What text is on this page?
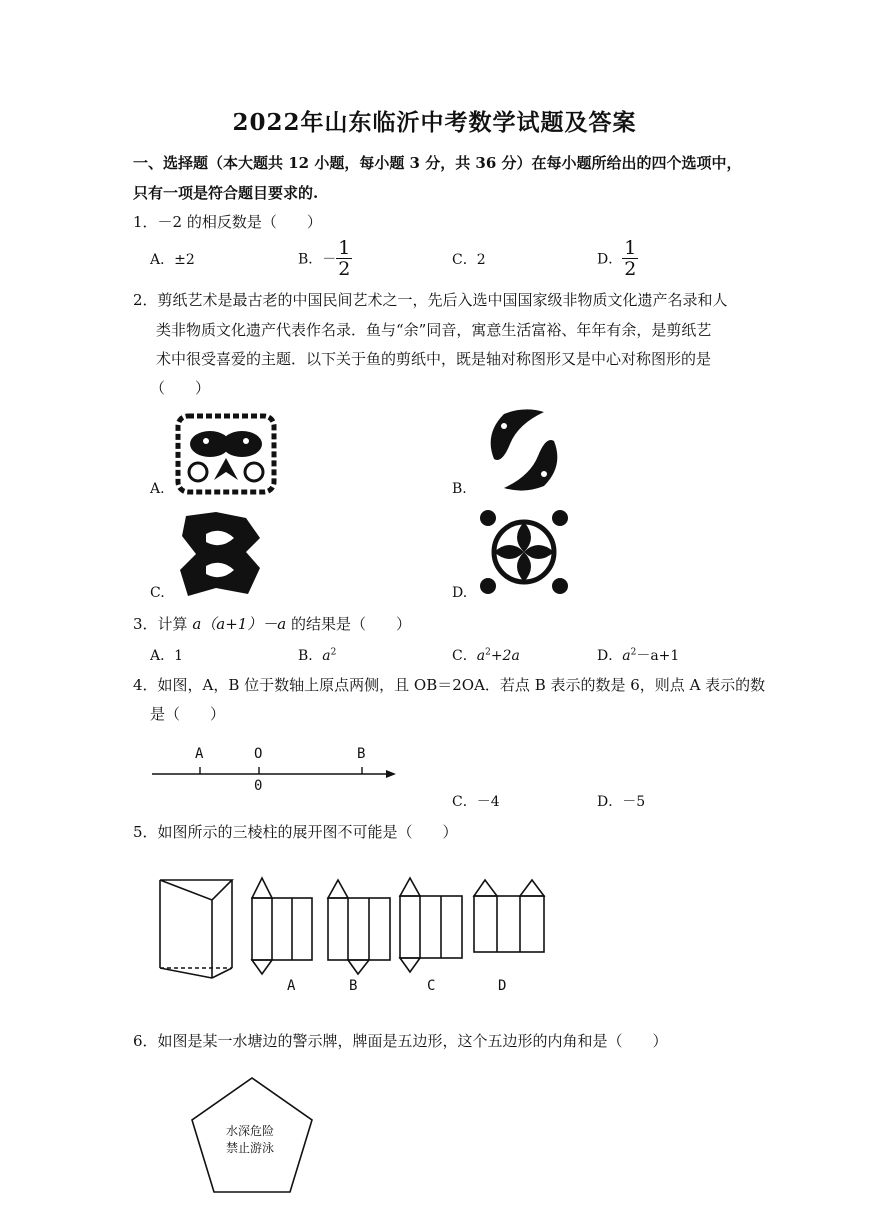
2022年山东临沂中考数学试题及答案
一、选择题（本大题共 12 小题，每小题 3 分，共 36 分）在每小题所给出的四个选项中，
只有一项是符合题目要求的.
1．－2 的相反数是（　　）
A．±2	B．－ $\frac{1}{2}$	C．2	D． $\frac{1}{2}$
2．剪纸艺术是最古老的中国民间艺术之一，先后入选中国国家级非物质文化遗产名录和人
类非物质文化遗产代表作名录．鱼与“余”同音，寓意生活富裕、年年有余，是剪纸艺
术中很受喜爱的主题．以下关于鱼的剪纸中，既是轴对称图形又是中心对称图形的是
（　　）
A.	B.
C.	D.
3．计算 a（a+1）－a 的结果是（　　）
A．1	B．$a^2$	C．$a^2+2a$	D．$a^2-a+1$
4．如图，A，B 位于数轴上原点两侧，且 OB＝2OA．若点 B 表示的数是 6，则点 A 表示的数
是（　　）
A	O	B
0
C．－4	D．－5
5．如图所示的三棱柱的展开图不可能是（　　）
A	B	C	D
6．如图是某一水塘边的警示牌，牌面是五边形，这个五边形的内角和是（　　）
水深危险
禁止游泳
